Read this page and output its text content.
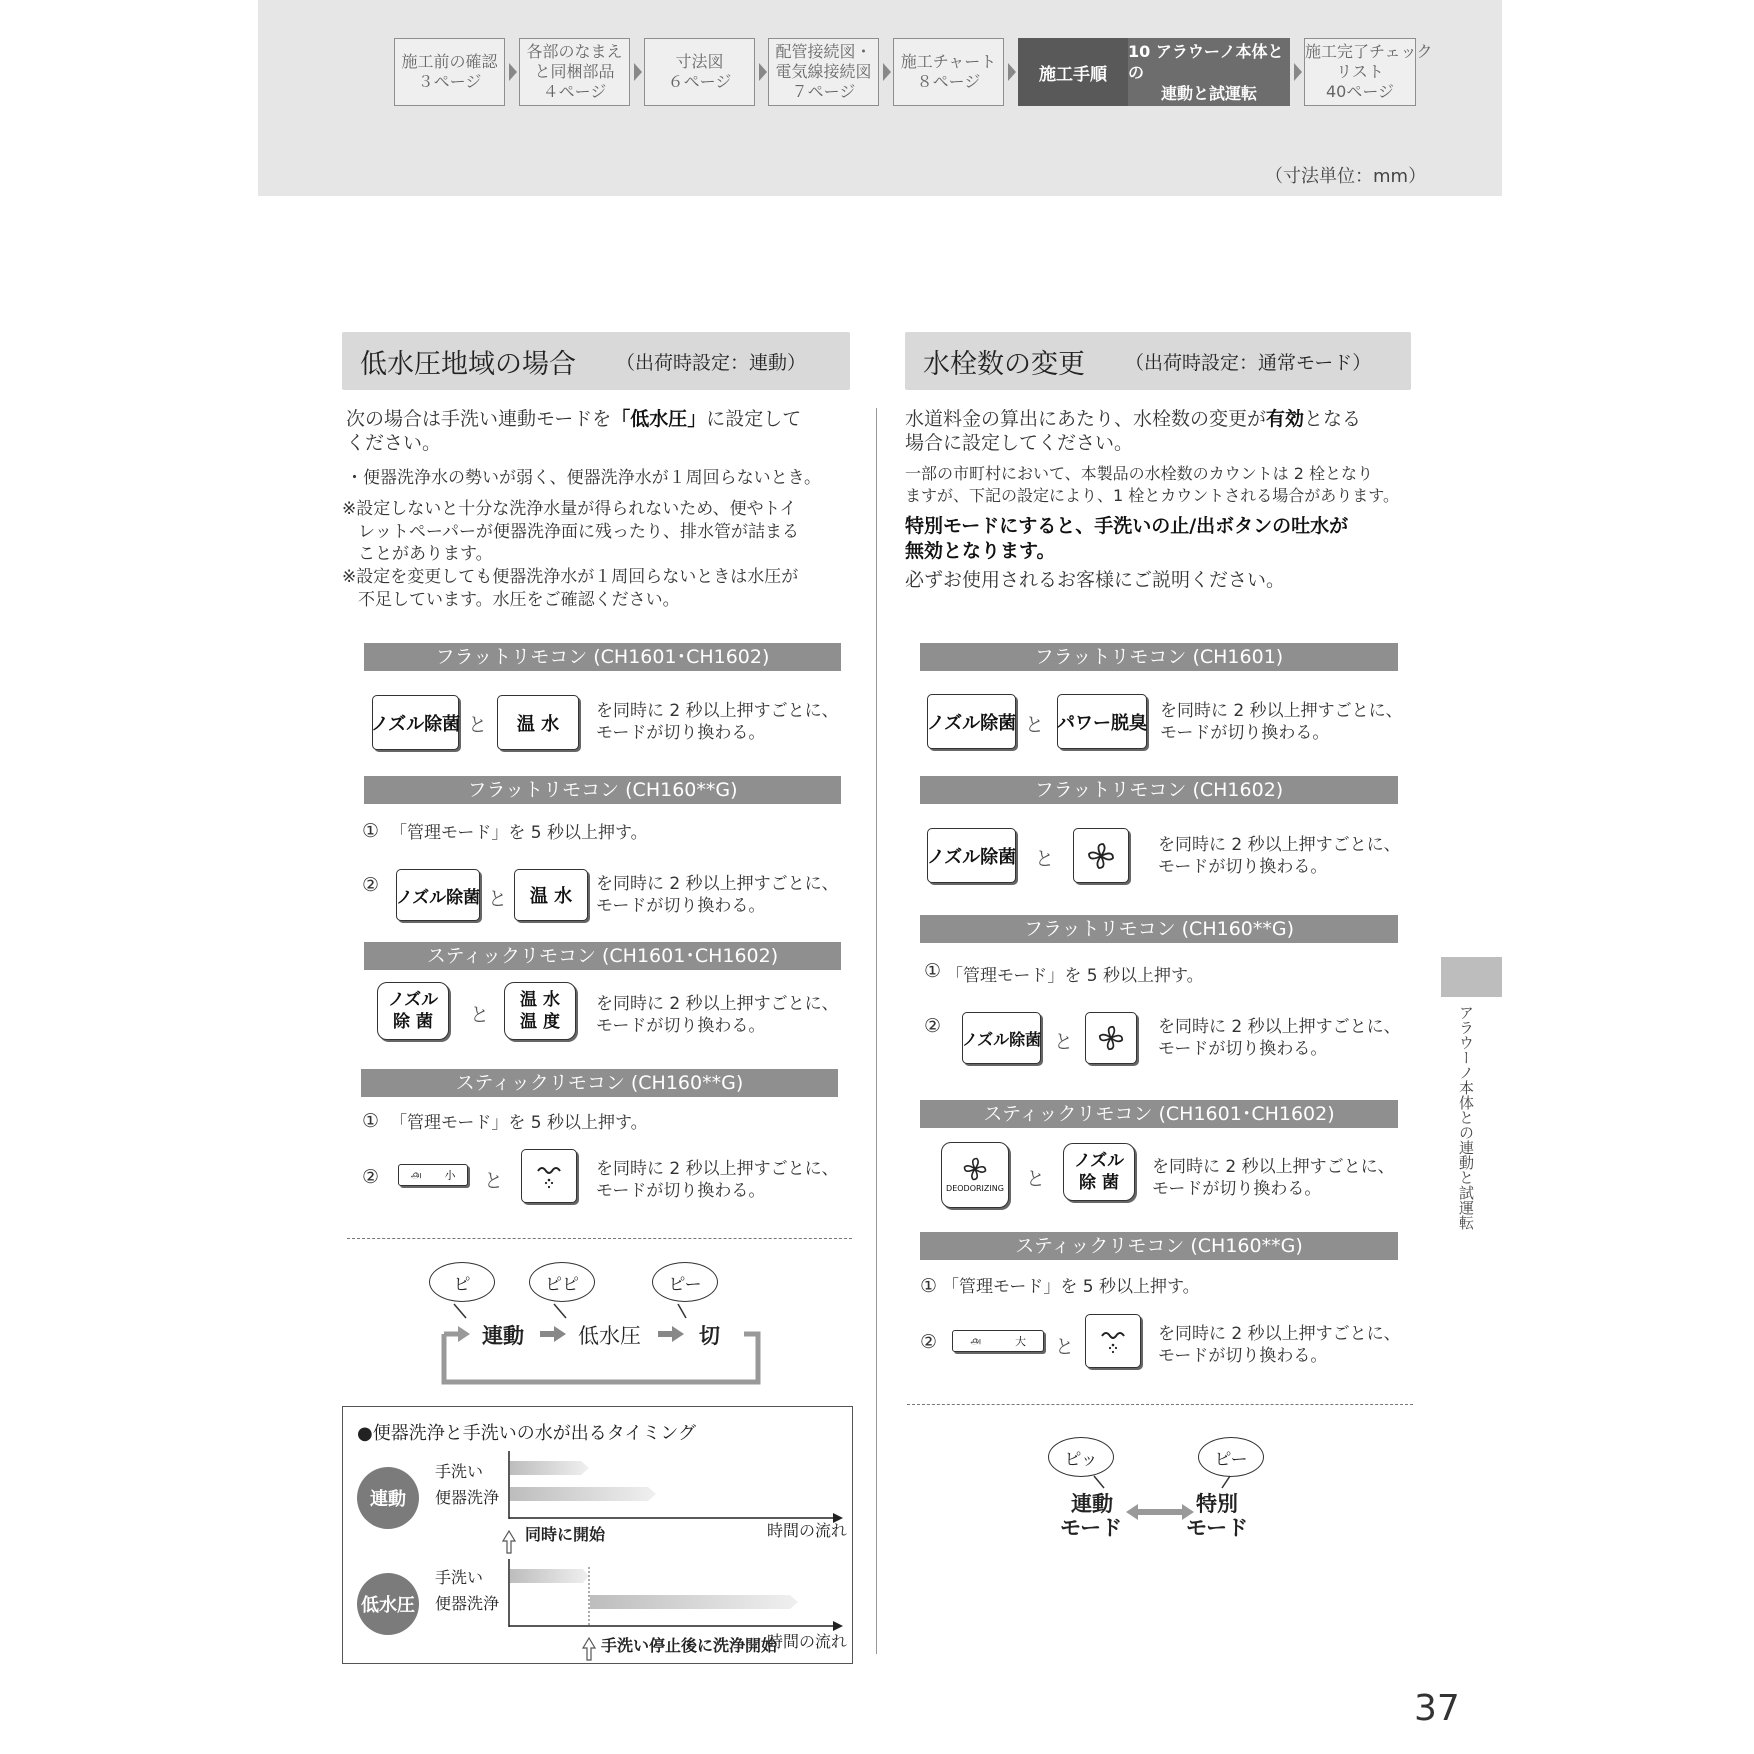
施工前の確認
３ページ
各部のなまえ
と同梱部品
４ページ
寸法図
６ページ
配管接続図・
電気線接続図
７ページ
施工チャート
８ページ	施工手順
10 アラウーノ本体との
連動と試運転
施工完了チェック
リスト
40ページ
（寸法単位：mm）
低水圧地域の場合 （出荷時設定：連動）
次の場合は手洗い連動モードを「低水圧」に設定して
ください。
・便器洗浄水の勢いが弱く、便器洗浄水が１周回らないとき。
※設定しないと十分な洗浄水量が得られないため、便やトイ
レットペーパーが便器洗浄面に残ったり、排水管が詰まる
ことがあります。
※設定を変更しても便器洗浄水が１周回らないときは水圧が
不足しています。水圧をご確認ください。
フラットリモコン (CH1601･CH1602)
ノズル除菌 と	温 水
を同時に 2 秒以上押すごとに、
モードが切り換わる。
フラットリモコン (CH160**G)
① 「管理モード」を 5 秒以上押す。
②
ノズル除菌 と	温 水
を同時に 2 秒以上押すごとに、
モードが切り換わる。
スティックリモコン (CH1601･CH1602)
ノズル
除 菌 と
温 水
温 度
を同時に 2 秒以上押すごとに、
モードが切り換わる。
スティックリモコン (CH160**G)
① 「管理モード」を 5 秒以上押す。
②	௮ 小 と
を同時に 2 秒以上押すごとに、
モードが切り換わる。
ピ	ピピ	ピー
連動	低水圧	切
●便器洗浄と手洗いの水が出るタイミング
連動
手洗い
便器洗浄
同時に開始	時間の流れ
低水圧
手洗い
便器洗浄
手洗い停止後に洗浄開始
時間の流れ
水栓数の変更 （出荷時設定：通常モード）
水道料金の算出にあたり、水栓数の変更が有効となる
場合に設定してください。
一部の市町村において、本製品の水栓数のカウントは 2 栓となり
ますが、下記の設定により、1 栓とカウントされる場合があります。
特別モードにすると、手洗いの止/出ボタンの吐水が
無効となります。
必ずお使用されるお客様にご説明ください。
フラットリモコン (CH1601)
ノズル除菌 と パワー脱臭
を同時に 2 秒以上押すごとに、
モードが切り換わる。
フラットリモコン (CH1602)
ノズル除菌 と
を同時に 2 秒以上押すごとに、
モードが切り換わる。
フラットリモコン (CH160**G)
① 「管理モード」を 5 秒以上押す。
②
ノズル除菌 と
を同時に 2 秒以上押すごとに、
モードが切り換わる。
スティックリモコン (CH1601･CH1602)
DEODORIZING と
ノズル
除 菌
を同時に 2 秒以上押すごとに、
モードが切り換わる。
スティックリモコン (CH160**G)
① 「管理モード」を 5 秒以上押す。
②	௮	大 と
を同時に 2 秒以上押すごとに、
モードが切り換わる。
ピッ	ピー
連動
モード
特別
モード
アラウーノ本体との連動と試運転
37
